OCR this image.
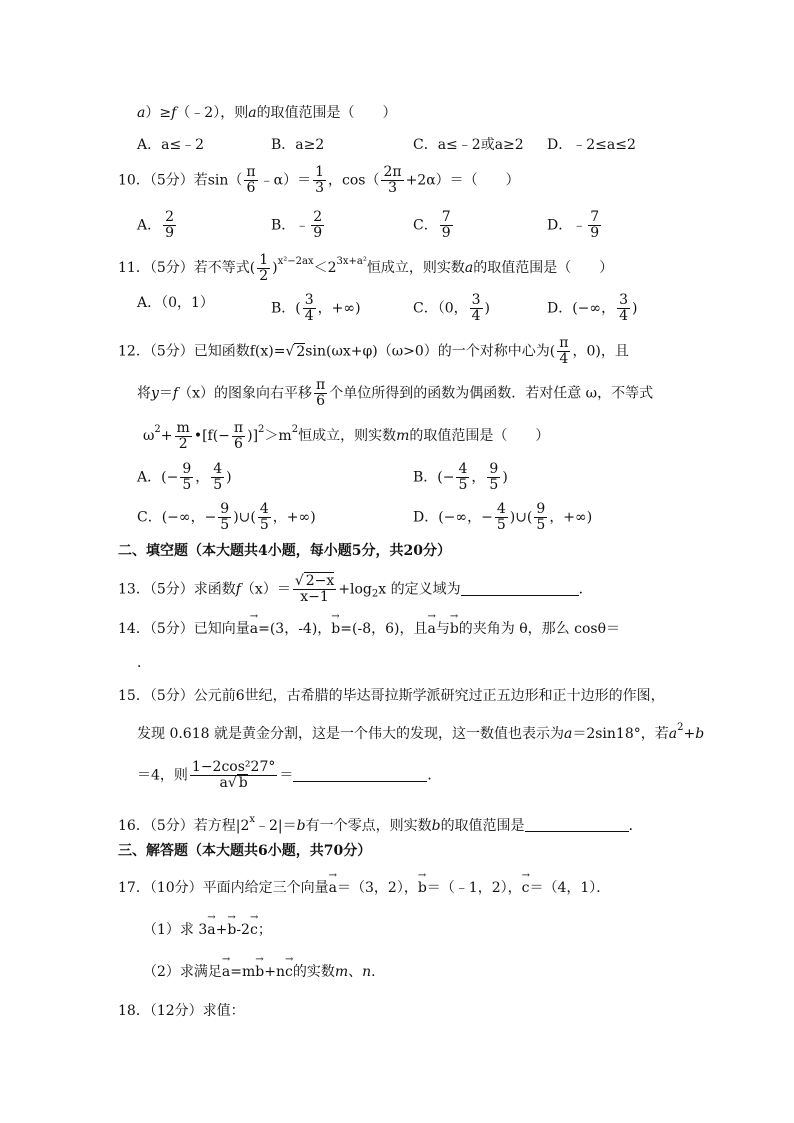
a）≥f（﹣2），则a的取值范围是（　　）
A．a≤﹣2	B．a≥2	C．a≤﹣2或a≥2 D．﹣2≤a≤2
10．（5分）若$\sin( \frac{\pi}{6}$ ﹣α）＝ $\frac{1}{3}$ ，$\cos( \frac{2\pi}{3} +2\alpha)=$（　　）
A． $\frac{2}{9}$	B．﹣ $\frac{2}{9}$	C． $\frac{7}{9}$	D．﹣ $\frac{7}{9}$
11．（5分）若不等式( $\frac{1}{2} )^{x^2-2ax}<2^{3x+a^2}$恒成立，则实数a的取值范围是（　　）
A．（0，1）	B．( $\frac{3}{4}$ ，+∞)	C．（0， $\frac{3}{4}$ )	D．(−∞， $\frac{3}{4}$ )
12．（5分）已知函数f(x)=√ 2sin(ωx+φ)（ω>0）的一个对称中心为( $\frac{\pi}{4}$ ，0)，且
将y＝f（x）的图象向右平移 $\frac{\pi}{6}$ 个单位所得到的函数为偶函数．若对任意 ω，不等式
$\omega^2+ \frac{m}{2}$ •[f(− $\frac{\pi}{6} )]^2>m^2$恒成立，则实数m的取值范围是（　　）
A．(− $\frac{9}{5}$ ， $\frac{4}{5}$ )	B．(− $\frac{4}{5}$ ， $\frac{9}{5}$ )
C．(−∞，− $\frac{9}{5}$ )∪( $\frac{4}{5}$ ，+∞)	D．(−∞，− $\frac{4}{5}$ )∪( $\frac{9}{5}$ ，+∞)
二、填空题（本大题共4小题，每小题5分，共20分）
13．（5分）求函数$f(x)= \frac{√ 2-x}{x-1} +\log_2x$ 的定义域为	．
14．（5分）已知向量→ a=(3，-4)，→ b=(-8，6)，且→ a与→ b的夹角为 θ，那么 cosθ＝
．
15．（5分）公元前6世纪，古希腊的毕达哥拉斯学派研究过正五边形和正十边形的作图，
发现 0.618 就是黄金分割，这是一个伟大的发现，这一数值也表示为a＝2sin18°，若$a^2+b$
＝4，则 $\frac{\text{1−2cos²27°}}{a√ b}$ ＝	．
16．（5分）若方程$|2^x﹣2|=b$有一个零点，则实数b的取值范围是	．
三、解答题（本大题共6小题，共70分）
17．（10分）平面内给定三个向量→ a＝（3，2），→ b＝（﹣1，2），→ c＝（4，1）．
（1）求 3→ a+→ b-2→ c；
（2）求满足→ a=m→ b+n→ c的实数m、n．
18．（12分）求值：
